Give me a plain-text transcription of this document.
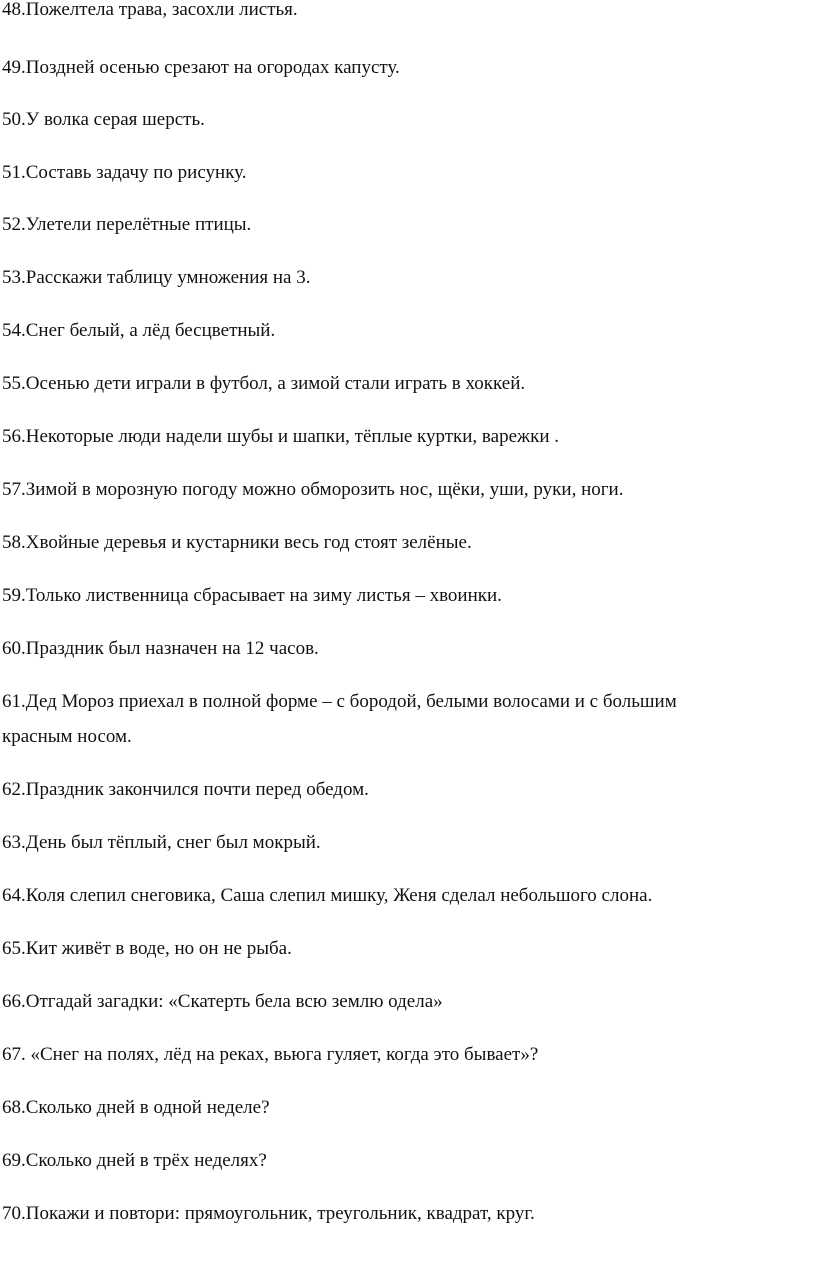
48.Пожелтела трава, засохли листья.
49.Поздней осенью срезают на огородах капусту.
50.У волка серая шерсть.
51.Составь задачу по рисунку.
52.Улетели перелётные птицы.
53.Расскажи таблицу умножения на 3.
54.Снег белый, а лёд бесцветный.
55.Осенью дети играли в футбол, а зимой стали играть в хоккей.
56.Некоторые люди надели шубы и шапки, тёплые куртки, варежки .
57.Зимой в морозную погоду можно обморозить нос, щёки, уши, руки, ноги.
58.Хвойные деревья и кустарники весь год стоят зелёные.
59.Только лиственница сбрасывает на зиму листья – хвоинки.
60.Праздник был назначен на 12 часов.
61.Дед Мороз приехал в полной форме – с бородой, белыми волосами и с большим
красным носом.
62.Праздник закончился почти перед обедом.
63.День был тёплый, снег был мокрый.
64.Коля слепил снеговика, Саша слепил мишку, Женя сделал небольшого слона.
65.Кит живёт в воде, но он не рыба.
66.Отгадай загадки: «Скатерть бела всю землю одела»
67. «Снег на полях, лёд на реках, вьюга гуляет, когда это бывает»?
68.Сколько дней в одной неделе?
69.Сколько дней в трёх неделях?
70.Покажи и повтори: прямоугольник, треугольник, квадрат, круг.
